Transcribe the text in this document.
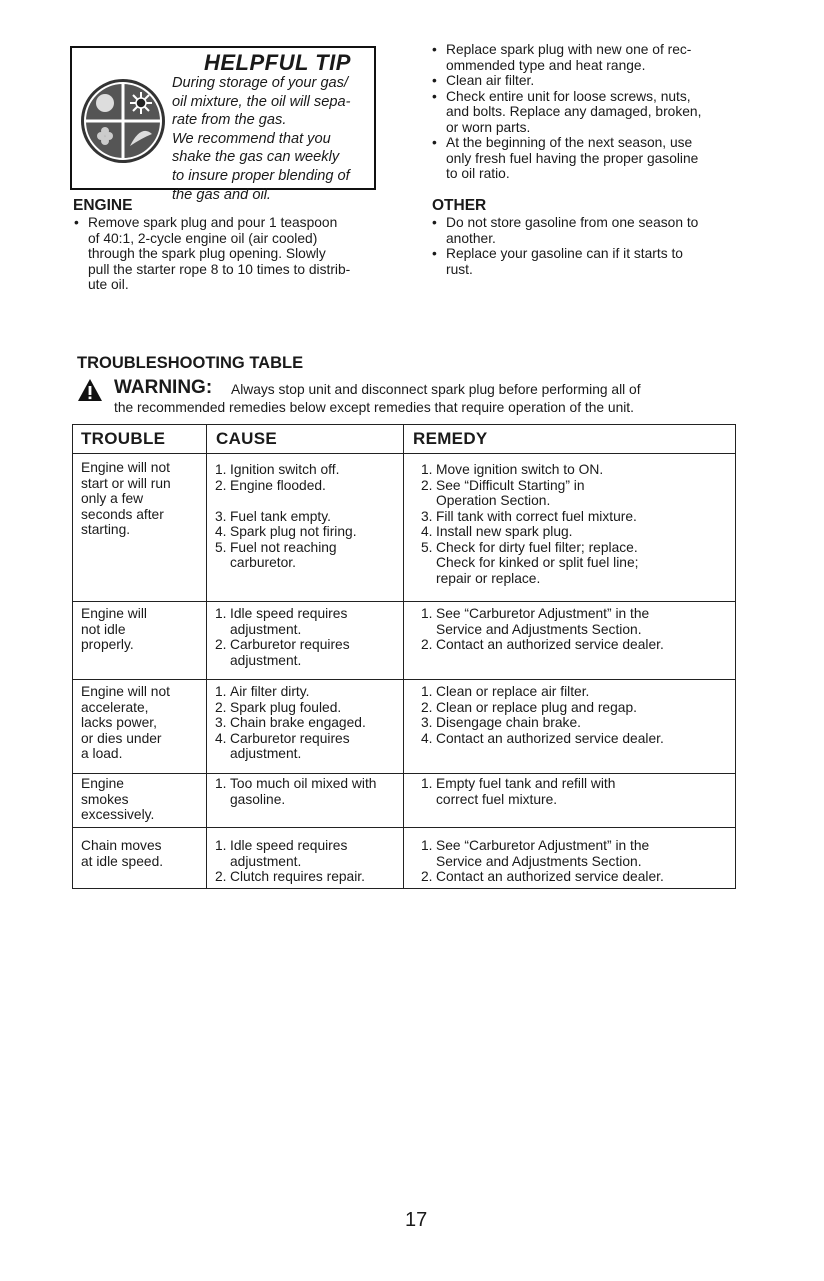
HELPFUL TIP
During storage of your gas/
oil mixture, the oil will sepa-
rate from the gas.
We recommend that you
shake the gas can weekly
to insure proper blending of
the gas and oil.
ENGINE
• Remove spark plug and pour 1 teaspoon
of 40:1, 2-cycle engine oil (air cooled)
through the spark plug opening. Slowly
pull the starter rope 8 to 10 times to distrib-
ute oil.
• Replace spark plug with new one of rec-
ommended type and heat range.
• Clean air filter.
• Check entire unit for loose screws, nuts,
and bolts. Replace any damaged, broken,
or worn parts.
• At the beginning of the next season, use
only fresh fuel having the proper gasoline
to oil ratio.
OTHER
• Do not store gasoline from one season to
another.
• Replace your gasoline can if it starts to
rust.
TROUBLESHOOTING TABLE
WARNING: Always stop unit and disconnect spark plug before performing all of
the recommended remedies below except remedies that require operation of the unit.
TROUBLE	CAUSE	REMEDY
Engine will not
start or will run
only a few
seconds after
starting.
1. Ignition switch off.
2. Engine flooded.

3. Fuel tank empty.
4. Spark plug not firing.
5. Fuel not reaching
carburetor.
1. Move ignition switch to ON.
2. See “Difficult Starting” in
Operation Section.
3. Fill tank with correct fuel mixture.
4. Install new spark plug.
5. Check for dirty fuel filter; replace.
Check for kinked or split fuel line;
repair or replace.
Engine will
not idle
properly.
1. Idle speed requires
adjustment.
2. Carburetor requires
adjustment.
1. See “Carburetor Adjustment” in the
Service and Adjustments Section.
2. Contact an authorized service dealer.
Engine will not
accelerate,
lacks power,
or dies under
a load.
1. Air filter dirty.
2. Spark plug fouled.
3. Chain brake engaged.
4. Carburetor requires
adjustment.
1. Clean or replace air filter.
2. Clean or replace plug and regap.
3. Disengage chain brake.
4. Contact an authorized service dealer.
Engine
smokes
excessively.
1. Too much oil mixed with
gasoline.
1. Empty fuel tank and refill with
correct fuel mixture.
Chain moves
at idle speed.
1. Idle speed requires
adjustment.
2. Clutch requires repair.
1. See “Carburetor Adjustment” in the
Service and Adjustments Section.
2. Contact an authorized service dealer.
17
